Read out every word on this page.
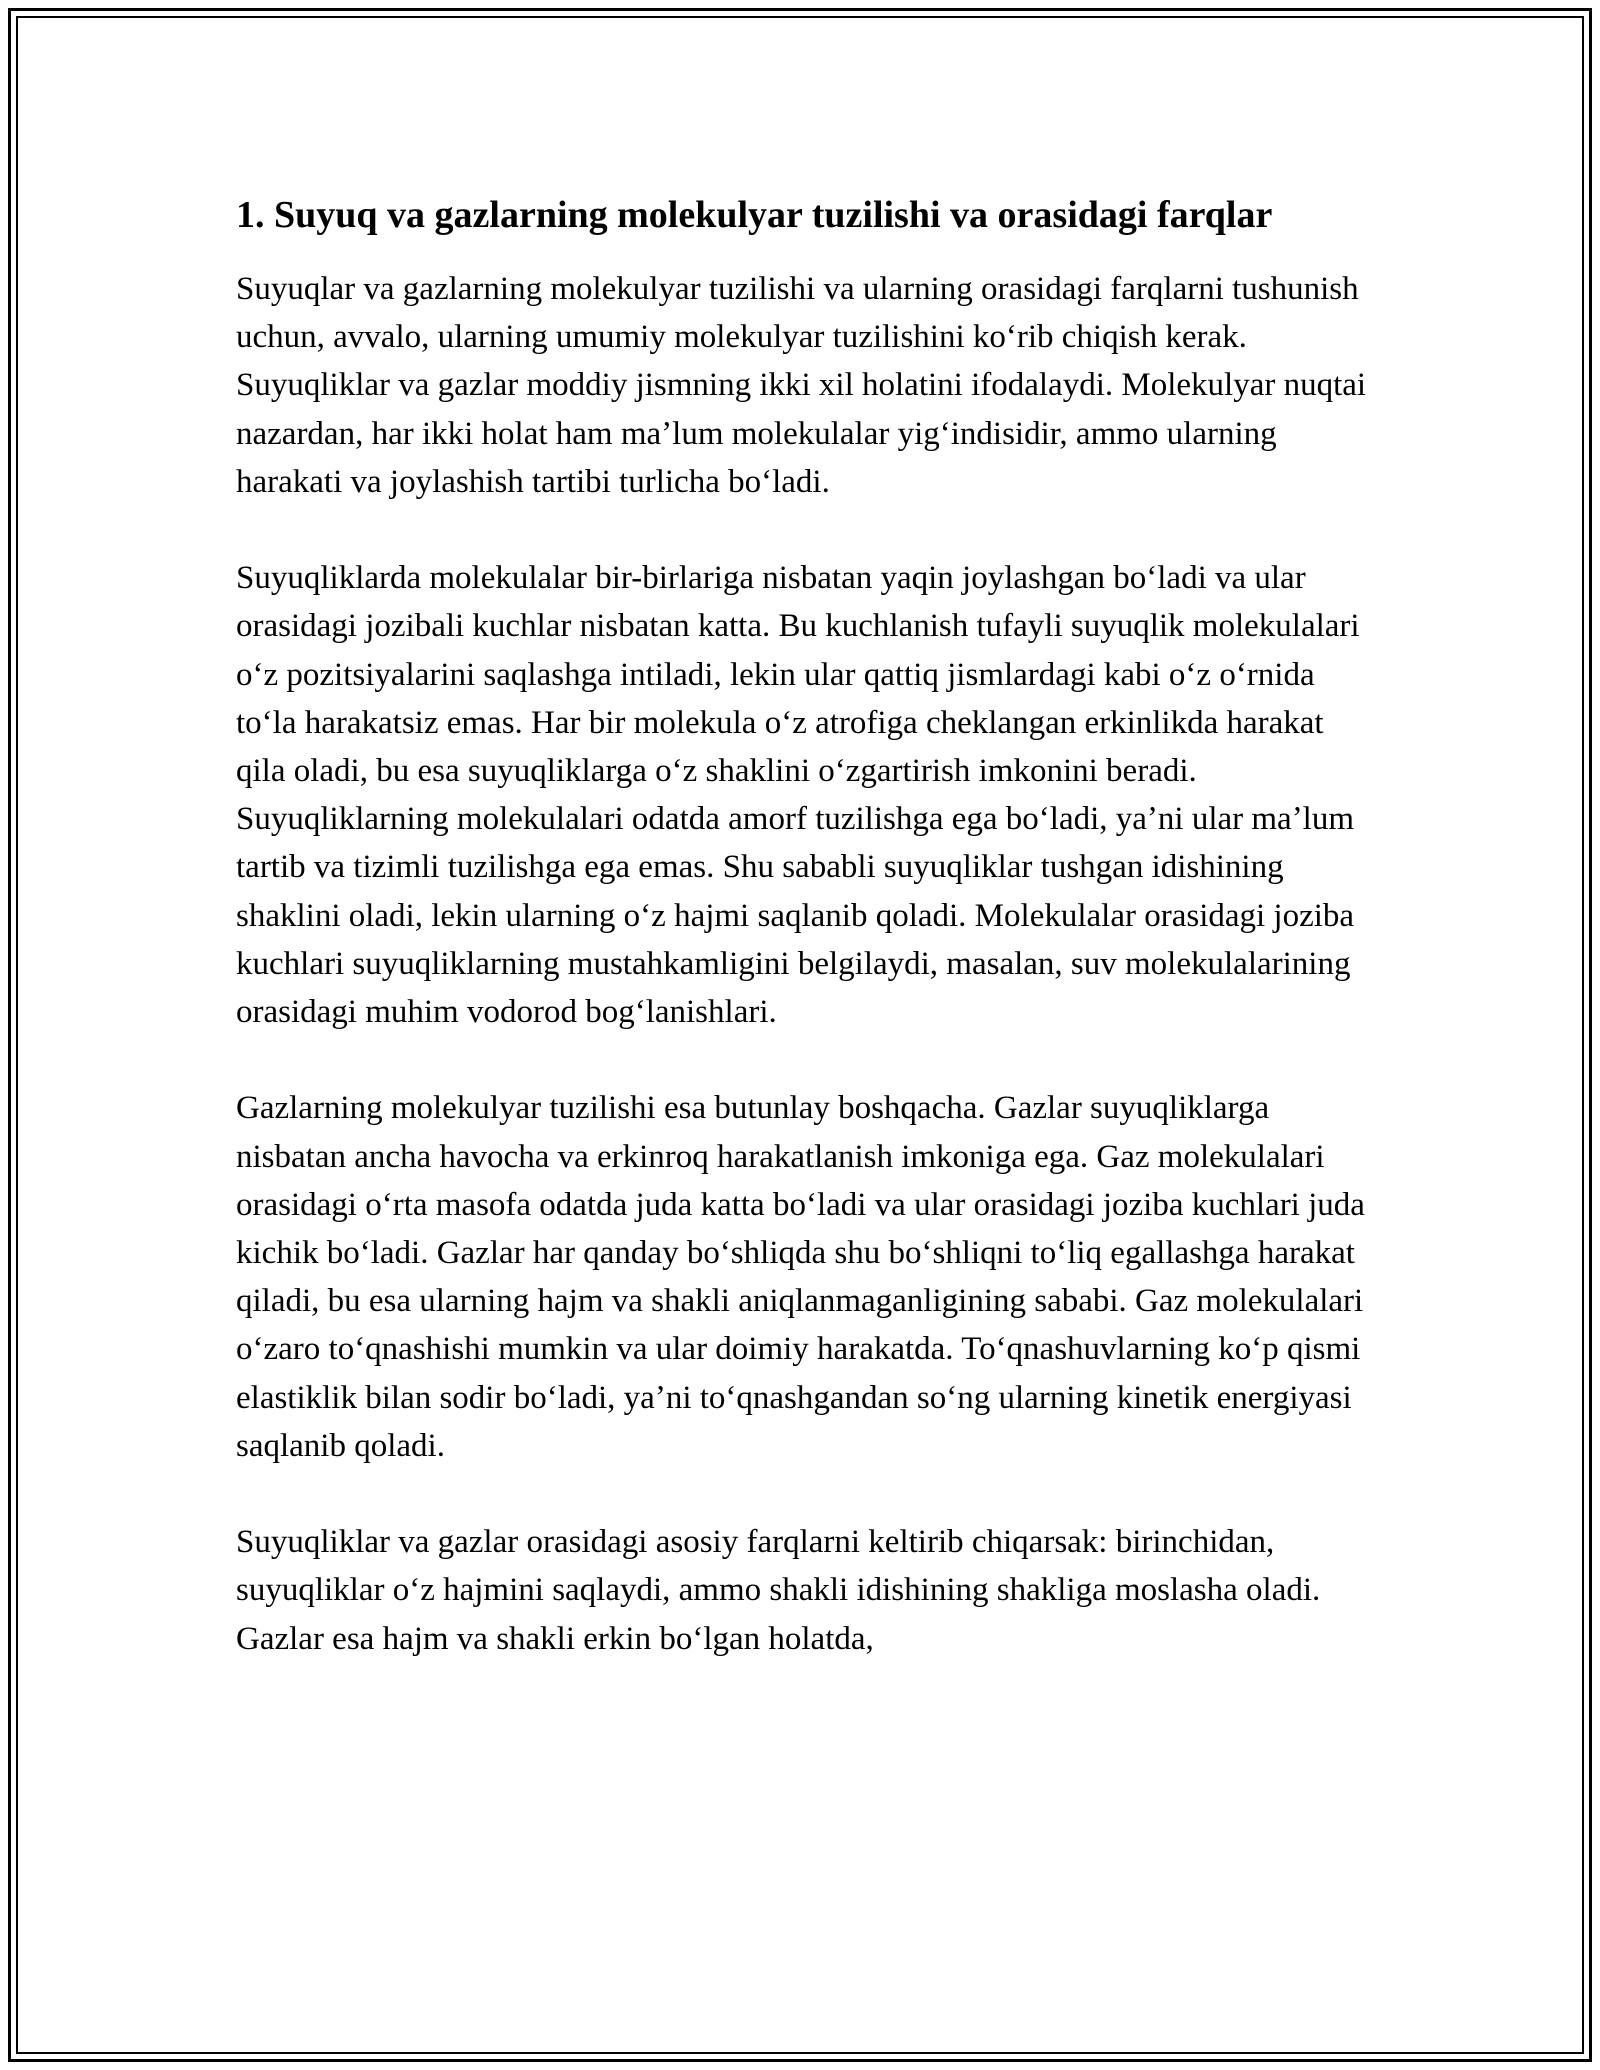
1. Suyuq va gazlarning molekulyar tuzilishi va orasidagi farqlar

Suyuqlar va gazlarning molekulyar tuzilishi va ularning orasidagi farqlarni tushunish uchun, avvalo, ularning umumiy molekulyar tuzilishini koʻrib chiqish kerak. Suyuqliklar va gazlar moddiy jismning ikki xil holatini ifodalaydi. Molekulyar nuqtai nazardan, har ikki holat ham maʼlum molekulalar yigʻindisidir, ammo ularning harakati va joylashish tartibi turlicha boʻladi.

Suyuqliklarda molekulalar bir-birlariga nisbatan yaqin joylashgan boʻladi va ular orasidagi jozibali kuchlar nisbatan katta. Bu kuchlanish tufayli suyuqlik molekulalari oʻz pozitsiyalarini saqlashga intiladi, lekin ular qattiq jismlardagi kabi oʻz oʻrnida toʻla harakatsiz emas. Har bir molekula oʻz atrofiga cheklangan erkinlikda harakat qila oladi, bu esa suyuqliklarga oʻz shaklini oʻzgartirish imkonini beradi. Suyuqliklarning molekulalari odatda amorf tuzilishga ega boʻladi, yaʼni ular maʼlum tartib va tizimli tuzilishga ega emas. Shu sababli suyuqliklar tushgan idishining shaklini oladi, lekin ularning oʻz hajmi saqlanib qoladi. Molekulalar orasidagi joziba kuchlari suyuqliklarning mustahkamligini belgilaydi, masalan, suv molekulalarining orasidagi muhim vodorod bogʻlanishlari.

Gazlarning molekulyar tuzilishi esa butunlay boshqacha. Gazlar suyuqliklarga nisbatan ancha havocha va erkinroq harakatlanish imkoniga ega. Gaz molekulalari orasidagi oʻrta masofa odatda juda katta boʻladi va ular orasidagi joziba kuchlari juda kichik boʻladi. Gazlar har qanday boʻshliqda shu boʻshliqni toʻliq egallashga harakat qiladi, bu esa ularning hajm va shakli aniqlanmaganligining sababi. Gaz molekulalari oʻzaro toʻqnashishi mumkin va ular doimiy harakatda. Toʻqnashuvlarning koʻp qismi elastiklik bilan sodir boʻladi, yaʼni toʻqnashgandan soʻng ularning kinetik energiyasi saqlanib qoladi.

Suyuqliklar va gazlar orasidagi asosiy farqlarni keltirib chiqarsak: birinchidan, suyuqliklar oʻz hajmini saqlaydi, ammo shakli idishining shakliga moslasha oladi. Gazlar esa hajm va shakli erkin boʻlgan holatda,
